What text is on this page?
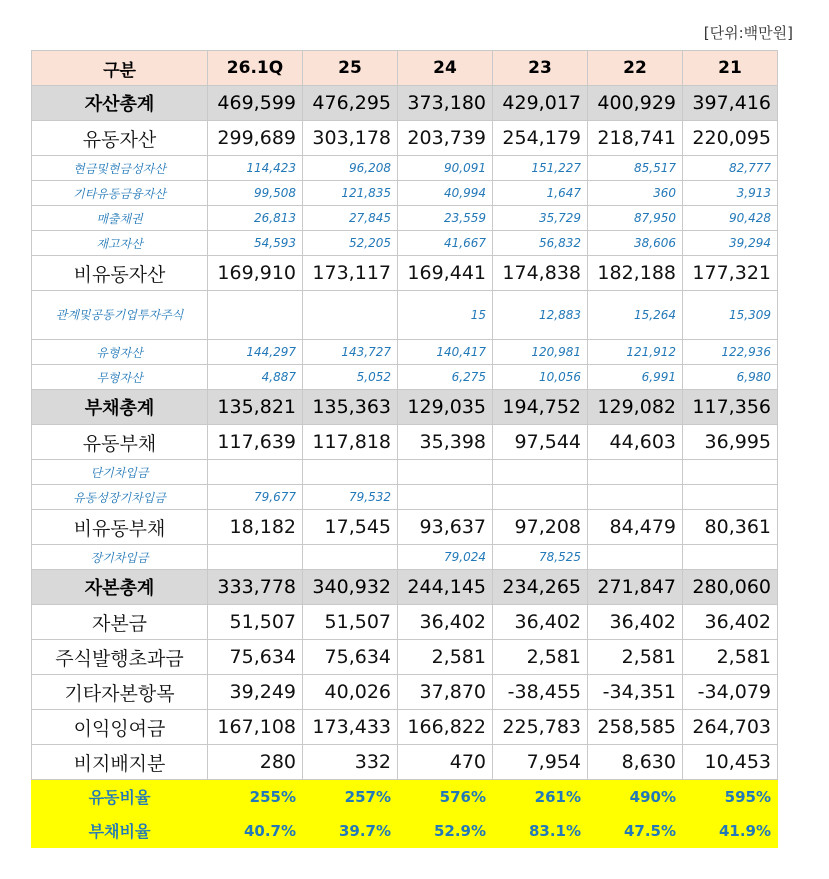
[단위:백만원]
구분	26.1Q	25	24	23	22	21
자산총계	469,599	476,295	373,180	429,017	400,929	397,416
유동자산	299,689	303,178	203,739	254,179	218,741	220,095
현금및현금성자산	114,423	96,208	90,091	151,227	85,517	82,777
기타유동금융자산	99,508	121,835	40,994	1,647	360	3,913
매출채권	26,813	27,845	23,559	35,729	87,950	90,428
재고자산	54,593	52,205	41,667	56,832	38,606	39,294
비유동자산	169,910	173,117	169,441	174,838	182,188	177,321
관계및공동기업투자주식			15	12,883	15,264	15,309
유형자산	144,297	143,727	140,417	120,981	121,912	122,936
무형자산	4,887	5,052	6,275	10,056	6,991	6,980
부채총계	135,821	135,363	129,035	194,752	129,082	117,356
유동부채	117,639	117,818	35,398	97,544	44,603	36,995
단기차입금						
유동성장기차입금	79,677	79,532				
비유동부채	18,182	17,545	93,637	97,208	84,479	80,361
장기차입금			79,024	78,525		
자본총계	333,778	340,932	244,145	234,265	271,847	280,060
자본금	51,507	51,507	36,402	36,402	36,402	36,402
주식발행초과금	75,634	75,634	2,581	2,581	2,581	2,581
기타자본항목	39,249	40,026	37,870	-38,455	-34,351	-34,079
이익잉여금	167,108	173,433	166,822	225,783	258,585	264,703
비지배지분	280	332	470	7,954	8,630	10,453
유동비율	255%	257%	576%	261%	490%	595%
부채비율	40.7%	39.7%	52.9%	83.1%	47.5%	41.9%
